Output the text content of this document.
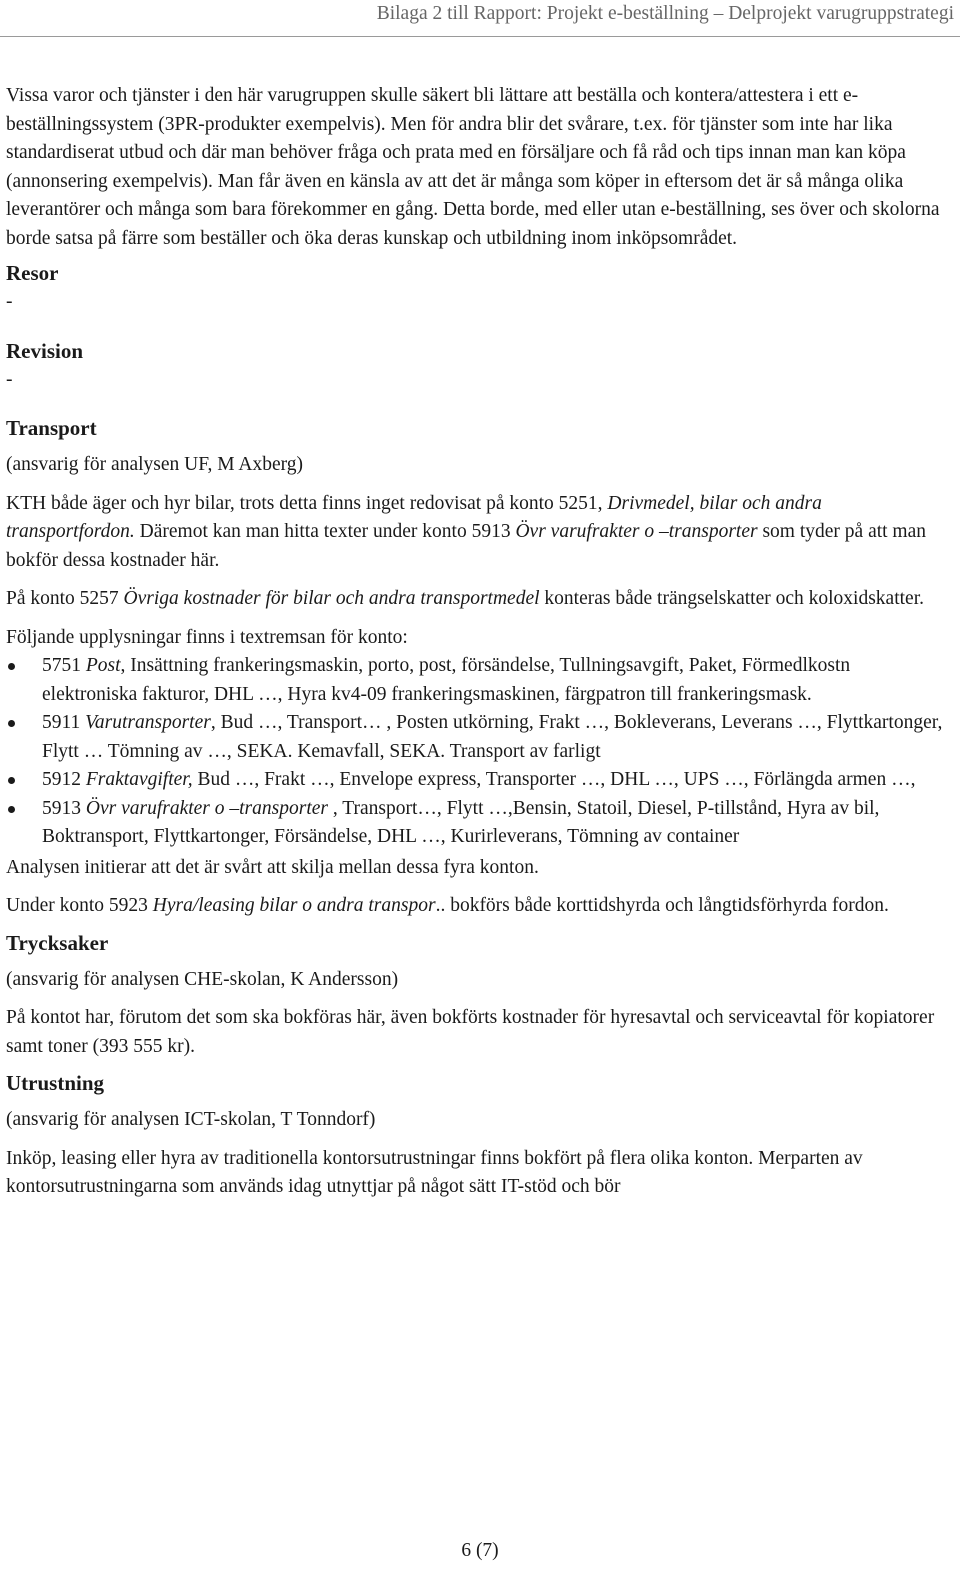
Bilaga 2 till Rapport: Projekt e-beställning – Delprojekt varugruppstrategi

Vissa varor och tjänster i den här varugruppen skulle säkert bli lättare att beställa och kontera/attestera i ett e-beställningssystem (3PR-produkter exempelvis). Men för andra blir det svårare, t.ex. för tjänster som inte har lika standardiserat utbud och där man behöver fråga och prata med en försäljare och få råd och tips innan man kan köpa (annonsering exempelvis). Man får även en känsla av att det är många som köper in eftersom det är så många olika leverantörer och många som bara förekommer en gång. Detta borde, med eller utan e-beställning, ses över och skolorna borde satsa på färre som beställer och öka deras kunskap och utbildning inom inköpsområdet.

Resor

-

Revision

-

Transport

(ansvarig för analysen UF, M Axberg)

KTH både äger och hyr bilar, trots detta finns inget redovisat på konto 5251, Drivmedel, bilar och andra transportfordon. Däremot kan man hitta texter under konto 5913 Övr varufrakter o –transporter som tyder på att man bokför dessa kostnader här.

På konto 5257 Övriga kostnader för bilar och andra transportmedel konteras både trängselskatter och koloxidskatter.

Följande upplysningar finns i textremsan för konto:

5751 Post, Insättning frankeringsmaskin, porto, post, försändelse, Tullningsavgift, Paket, Förmedlkostn elektroniska fakturor, DHL …, Hyra kv4-09 frankeringsmaskinen, färgpatron till frankeringsmask.
5911 Varutransporter, Bud …, Transport… , Posten utkörning, Frakt …, Bokleverans, Leverans …, Flyttkartonger, Flytt … Tömning av …, SEKA. Kemavfall, SEKA. Transport av farligt
5912 Fraktavgifter, Bud …, Frakt …, Envelope express, Transporter …, DHL …, UPS …, Förlängda armen …,
5913 Övr varufrakter o –transporter , Transport…, Flytt …,Bensin, Statoil, Diesel, P-tillstånd, Hyra av bil, Boktransport, Flyttkartonger, Försändelse, DHL …, Kurirleverans, Tömning av container

Analysen initierar att det är svårt att skilja mellan dessa fyra konton.

Under konto 5923 Hyra/leasing bilar o andra transpor.. bokförs både korttidshyrda och långtidsförhyrda fordon.

Trycksaker

(ansvarig för analysen CHE-skolan, K Andersson)

På kontot har, förutom det som ska bokföras här, även bokförts kostnader för hyresavtal och serviceavtal för kopiatorer samt toner (393 555 kr).

Utrustning

(ansvarig för analysen ICT-skolan, T Tonndorf)

Inköp, leasing eller hyra av traditionella kontorsutrustningar finns bokfört på flera olika konton. Merparten av kontorsutrustningarna som används idag utnyttjar på något sätt IT-stöd och bör

6 (7)
